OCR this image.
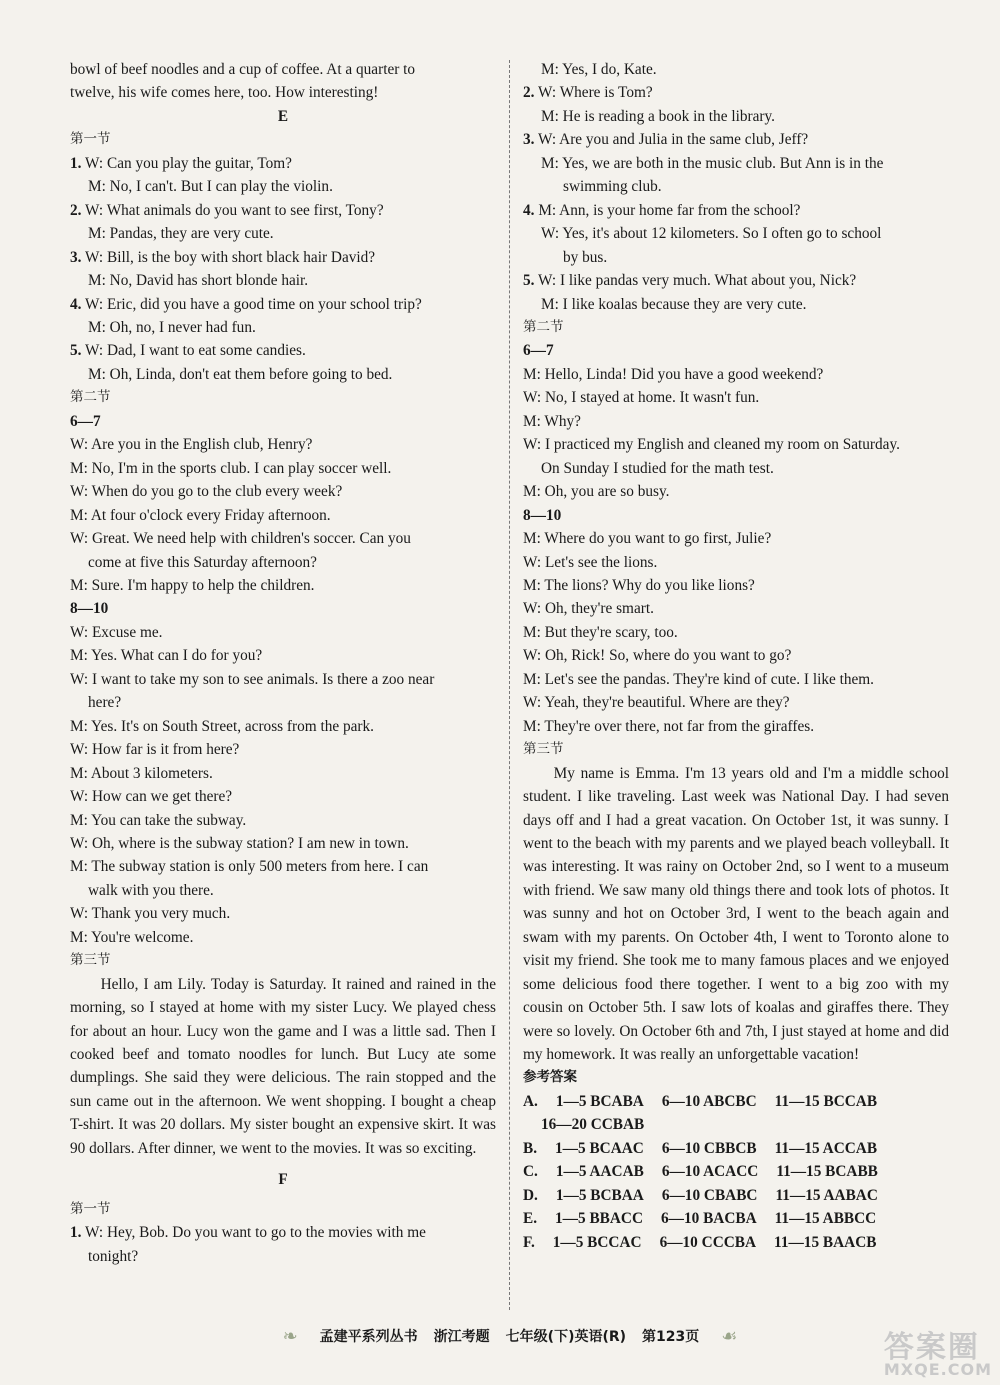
bowl of beef noodles and a cup of coffee. At a quarter to
twelve, his wife comes here, too. How interesting!
E
第一节
1. W: Can you play the guitar, Tom?
M: No, I can't. But I can play the violin.
2. W: What animals do you want to see first, Tony?
M: Pandas, they are very cute.
3. W: Bill, is the boy with short black hair David?
M: No, David has short blonde hair.
4. W: Eric, did you have a good time on your school trip?
M: Oh, no, I never had fun.
5. W: Dad, I want to eat some candies.
M: Oh, Linda, don't eat them before going to bed.
第二节
6—7
W: Are you in the English club, Henry?
M: No, I'm in the sports club. I can play soccer well.
W: When do you go to the club every week?
M: At four o'clock every Friday afternoon.
W: Great. We need help with children's soccer. Can you
come at five this Saturday afternoon?
M: Sure. I'm happy to help the children.
8—10
W: Excuse me.
M: Yes. What can I do for you?
W: I want to take my son to see animals. Is there a zoo near
here?
M: Yes. It's on South Street, across from the park.
W: How far is it from here?
M: About 3 kilometers.
W: How can we get there?
M: You can take the subway.
W: Oh, where is the subway station? I am new in town.
M: The subway station is only 500 meters from here. I can
walk with you there.
W: Thank you very much.
M: You're welcome.
第三节
Hello, I am Lily. Today is Saturday. It rained and rained in the morning, so I stayed at home with my sister Lucy. We played chess for about an hour. Lucy won the game and I was a little sad. Then I cooked beef and tomato noodles for lunch. But Lucy ate some dumplings. She said they were delicious. The rain stopped and the sun came out in the afternoon. We went shopping. I bought a cheap T-shirt. It was 20 dollars. My sister bought an expensive skirt. It was 90 dollars. After dinner, we went to the movies. It was so exciting.
F
第一节
1. W: Hey, Bob. Do you want to go to the movies with me
tonight?
M: Yes, I do, Kate.
2. W: Where is Tom?
M: He is reading a book in the library.
3. W: Are you and Julia in the same club, Jeff?
M: Yes, we are both in the music club. But Ann is in the
swimming club.
4. M: Ann, is your home far from the school?
W: Yes, it's about 12 kilometers. So I often go to school
by bus.
5. W: I like pandas very much. What about you, Nick?
M: I like koalas because they are very cute.
第二节
6—7
M: Hello, Linda! Did you have a good weekend?
W: No, I stayed at home. It wasn't fun.
M: Why?
W: I practiced my English and cleaned my room on Saturday.
On Sunday I studied for the math test.
M: Oh, you are so busy.
8—10
M: Where do you want to go first, Julie?
W: Let's see the lions.
M: The lions? Why do you like lions?
W: Oh, they're smart.
M: But they're scary, too.
W: Oh, Rick! So, where do you want to go?
M: Let's see the pandas. They're kind of cute. I like them.
W: Yeah, they're beautiful. Where are they?
M: They're over there, not far from the giraffes.
第三节
My name is Emma. I'm 13 years old and I'm a middle school student. I like traveling. Last week was National Day. I had seven days off and I had a great vacation. On October 1st, it was sunny. I went to the beach with my parents and we played beach volleyball. It was interesting. It was rainy on October 2nd, so I went to a museum with friend. We saw many old things there and took lots of photos. It was sunny and hot on October 3rd, I went to the beach again and swam with my parents. On October 4th, I went to Toronto alone to visit my friend. She took me to many famous places and we enjoyed some delicious food there together. I went to a big zoo with my cousin on October 5th. I saw lots of koalas and giraffes there. They were so lovely. On October 6th and 7th, I just stayed at home and did my homework. It was really an unforgettable vacation!
参考答案
A. 1—5 BCABA 6—10 ABCBC 11—15 BCCAB
16—20 CCBAB
B. 1—5 BCAAC 6—10 CBBCB 11—15 ACCAB
C. 1—5 AACAB 6—10 ACACC 11—15 BCABB
D. 1—5 BCBAA 6—10 CBABC 11—15 AABAC
E. 1—5 BBACC 6—10 BACBA 11—15 ABBCC
F. 1—5 BCCAC 6—10 CCCBA 11—15 BAACB
❧ 孟建平系列丛书 浙江考题 七年级(下)英语(R) 第123页 ☙	答案圈
MXQE.COM
